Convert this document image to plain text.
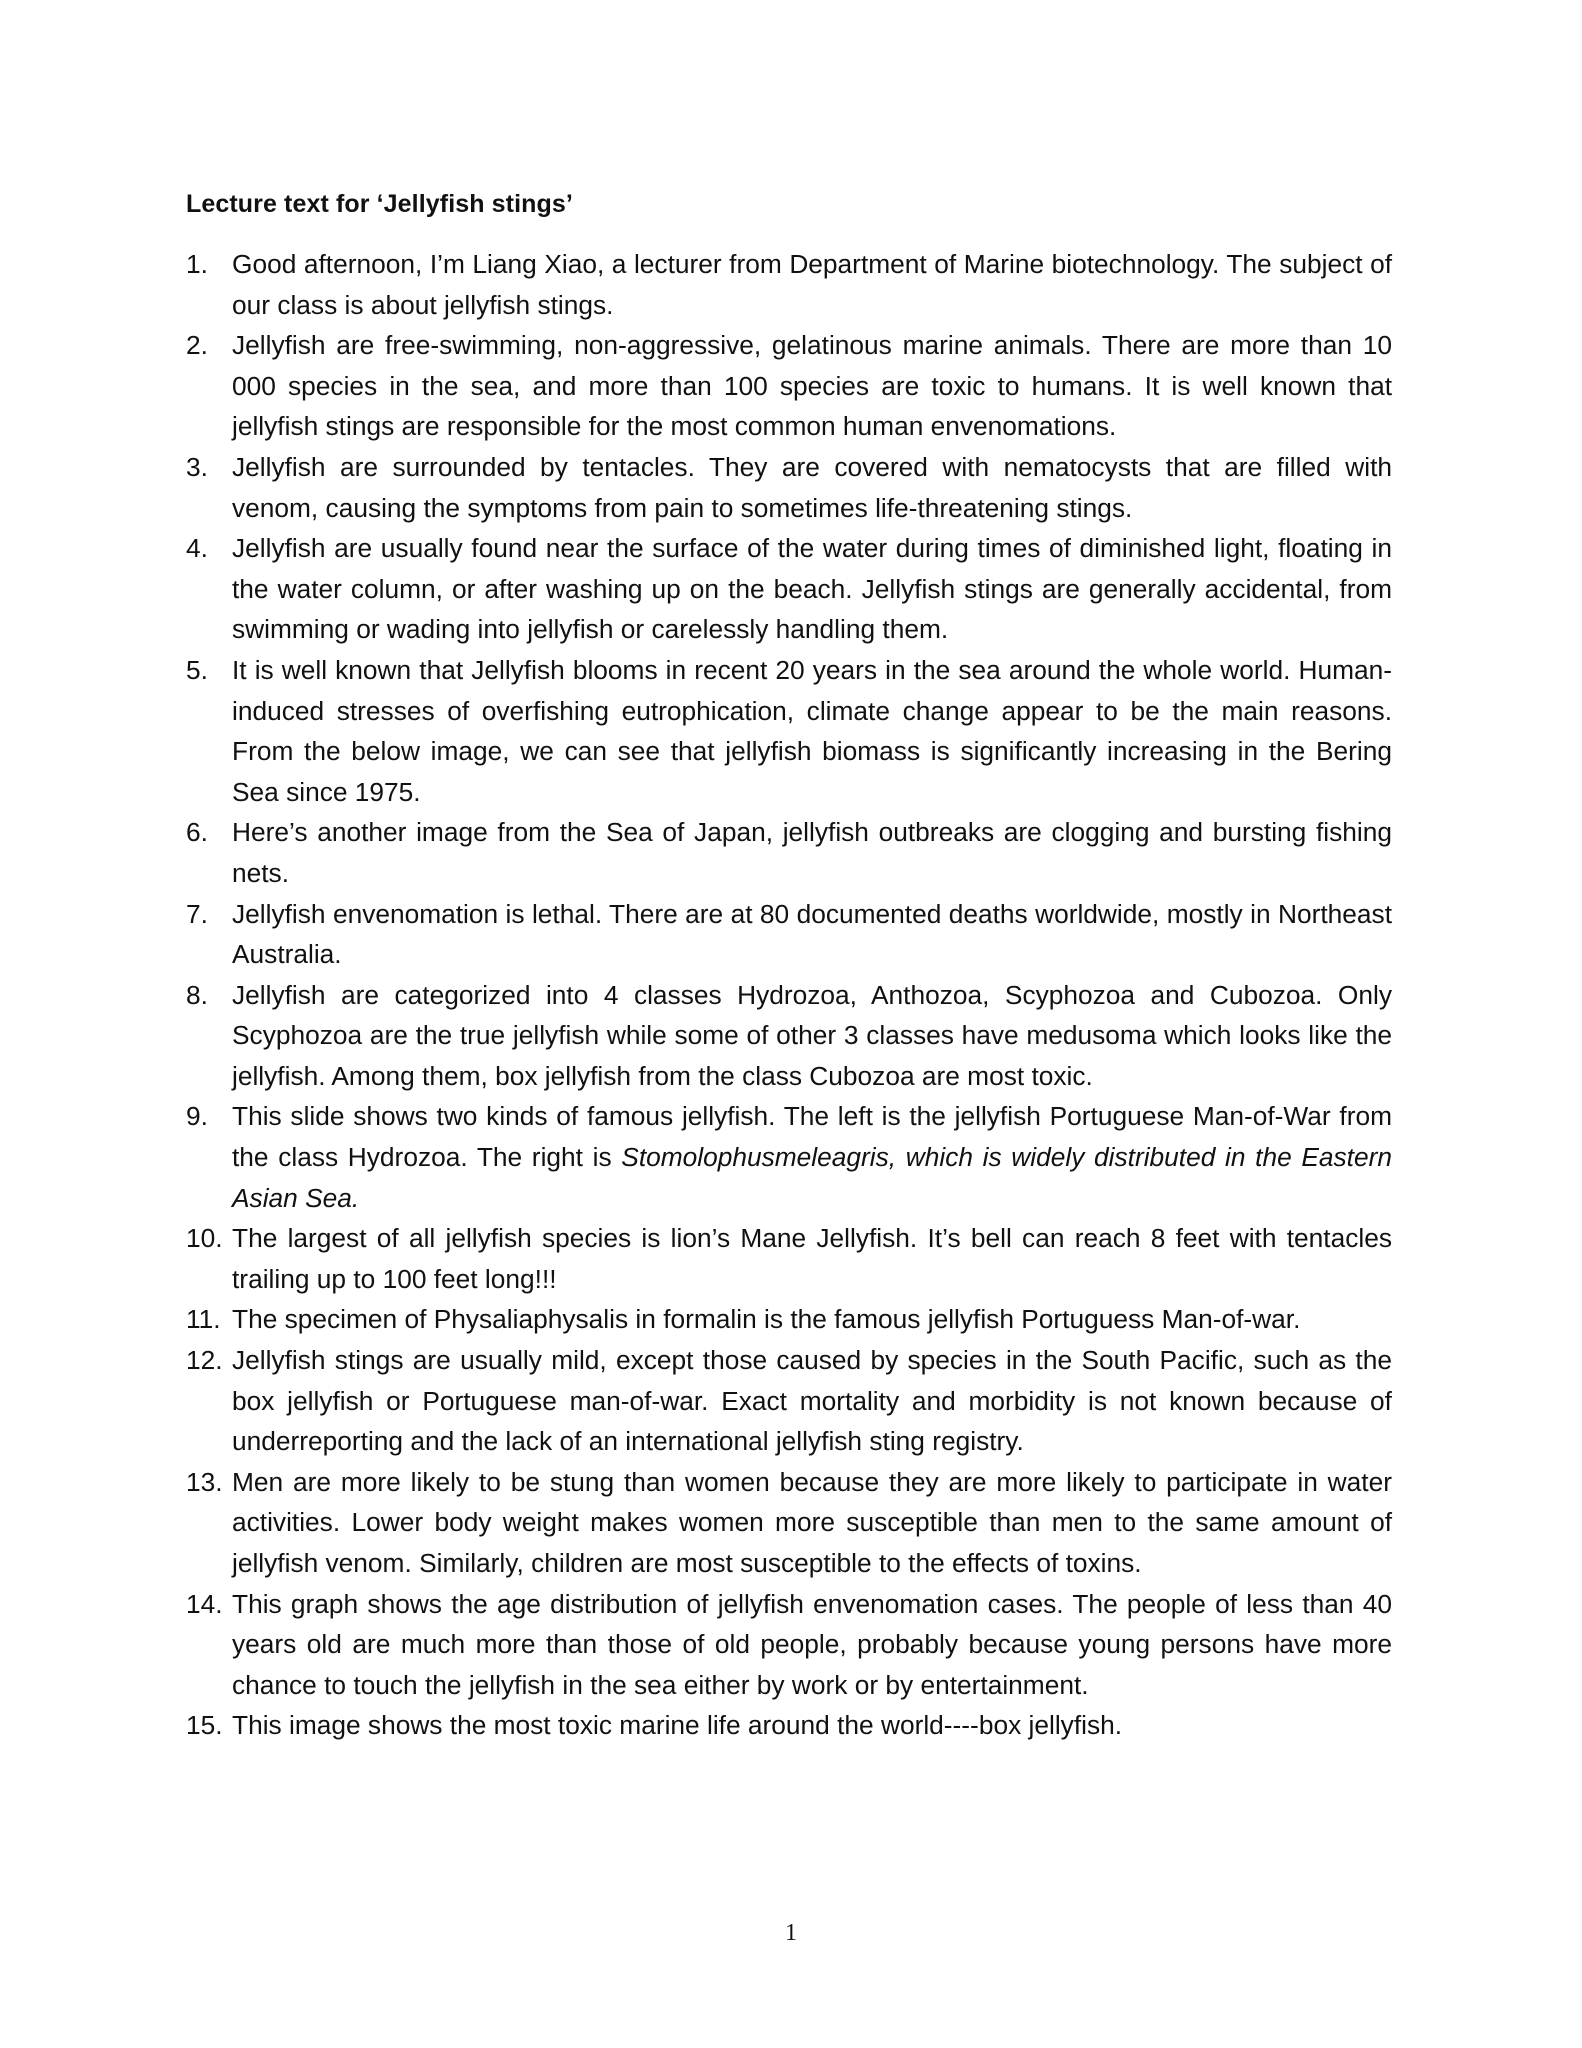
Lecture text for ‘Jellyfish stings’
1. Good afternoon, I’m Liang Xiao, a lecturer from Department of Marine biotechnology. The subject of our class is about jellyfish stings.
2. Jellyfish are free-swimming, non-aggressive, gelatinous marine animals. There are more than 10 000 species in the sea, and more than 100 species are toxic to humans. It is well known that jellyfish stings are responsible for the most common human envenomations.
3. Jellyfish are surrounded by tentacles. They are covered with nematocysts that are filled with venom, causing the symptoms from pain to sometimes life-threatening stings.
4. Jellyfish are usually found near the surface of the water during times of diminished light, floating in the water column, or after washing up on the beach. Jellyfish stings are generally accidental, from swimming or wading into jellyfish or carelessly handling them.
5. It is well known that Jellyfish blooms in recent 20 years in the sea around the whole world. Human-induced stresses of overfishing eutrophication, climate change appear to be the main reasons. From the below image, we can see that jellyfish biomass is significantly increasing in the Bering Sea since 1975.
6. Here’s another image from the Sea of Japan, jellyfish outbreaks are clogging and bursting fishing nets.
7. Jellyfish envenomation is lethal. There are at 80 documented deaths worldwide, mostly in Northeast Australia.
8. Jellyfish are categorized into 4 classes Hydrozoa, Anthozoa, Scyphozoa and Cubozoa. Only Scyphozoa are the true jellyfish while some of other 3 classes have medusoma which looks like the jellyfish. Among them, box jellyfish from the class Cubozoa are most toxic.
9. This slide shows two kinds of famous jellyfish. The left is the jellyfish Portuguese Man-of-War from the class Hydrozoa. The right is Stomolophusmeleagris, which is widely distributed in the Eastern Asian Sea.
10. The largest of all jellyfish species is lion’s Mane Jellyfish. It’s bell can reach 8 feet with tentacles trailing up to 100 feet long!!!
11. The specimen of Physaliaphysalis in formalin is the famous jellyfish Portuguess Man-of-war.
12. Jellyfish stings are usually mild, except those caused by species in the South Pacific, such as the box jellyfish or Portuguese man-of-war. Exact mortality and morbidity is not known because of underreporting and the lack of an international jellyfish sting registry.
13. Men are more likely to be stung than women because they are more likely to participate in water activities. Lower body weight makes women more susceptible than men to the same amount of jellyfish venom. Similarly, children are most susceptible to the effects of toxins.
14. This graph shows the age distribution of jellyfish envenomation cases. The people of less than 40 years old are much more than those of old people, probably because young persons have more chance to touch the jellyfish in the sea either by work or by entertainment.
15. This image shows the most toxic marine life around the world----box jellyfish.
1
